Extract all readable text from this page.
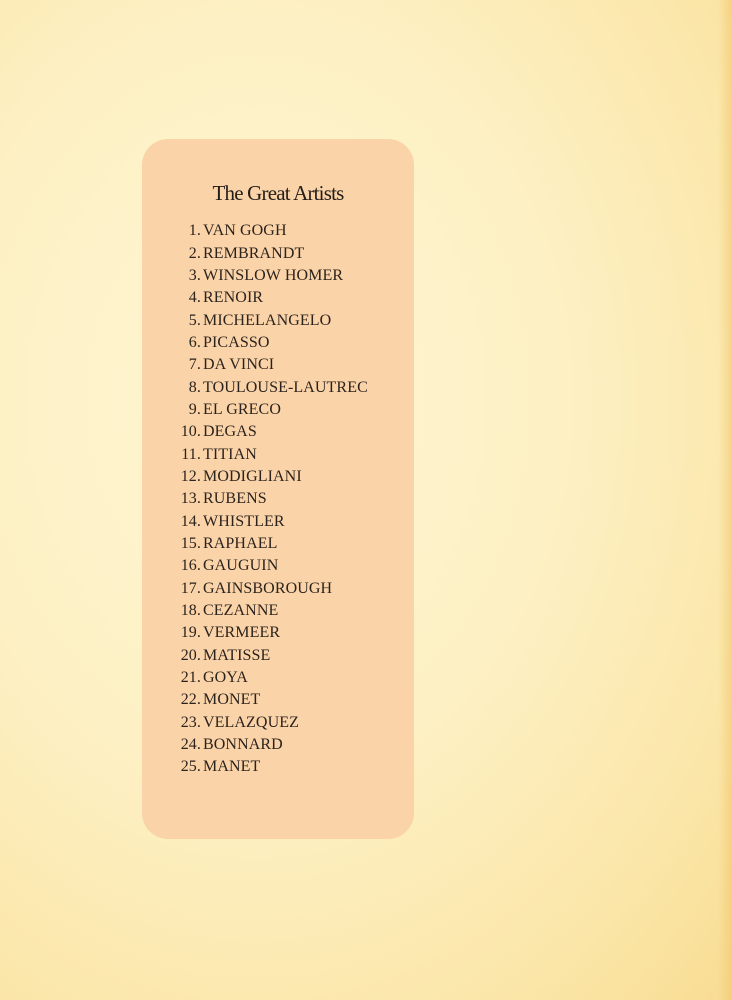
The Great Artists
1. VAN GOGH
2. REMBRANDT
3. WINSLOW HOMER
4. RENOIR
5. MICHELANGELO
6. PICASSO
7. DA VINCI
8. TOULOUSE-LAUTREC
9. EL GRECO
10. DEGAS
11. TITIAN
12. MODIGLIANI
13. RUBENS
14. WHISTLER
15. RAPHAEL
16. GAUGUIN
17. GAINSBOROUGH
18. CEZANNE
19. VERMEER
20. MATISSE
21. GOYA
22. MONET
23. VELAZQUEZ
24. BONNARD
25. MANET
